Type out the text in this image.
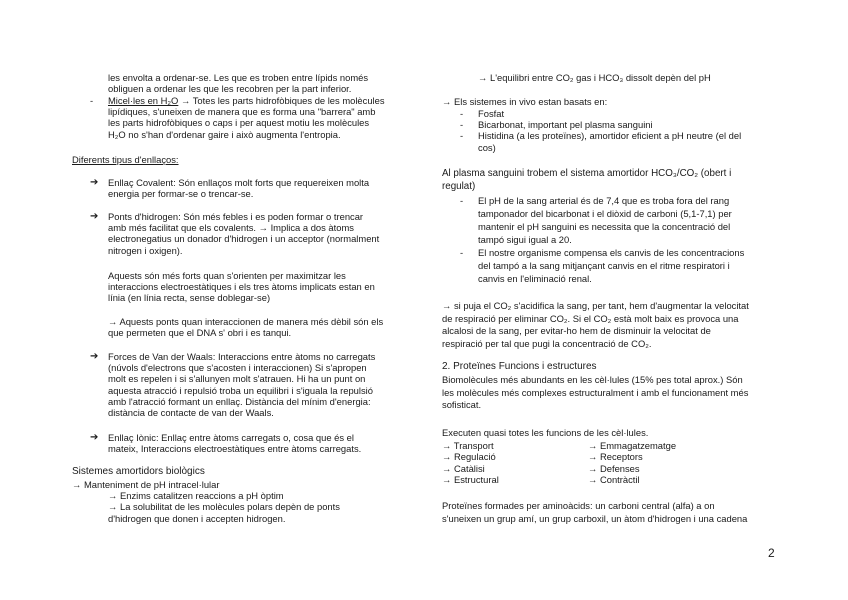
les envolta a ordenar-se. Les que es troben entre lípids només
obliguen a ordenar les que les recobren per la part inferior.
- Micel·les en H₂O → Totes les parts hidrofòbiques de les molècules
lipídiques, s'uneixen de manera que es forma una "barrera" amb
les parts hidrofòbiques o caps i per aquest motiu les molècules
H₂O no s'han d'ordenar gaire i això augmenta l'entropia.
Diferents tipus d'enllaços:
➔ Enllaç Covalent: Són enllaços molt forts que requereixen molta
energia per formar-se o trencar-se.
➔ Ponts d'hidrogen: Són més febles i es poden formar o trencar
amb més facilitat que els covalents. → Implica a dos àtoms
electronegatius un donador d'hidrogen i un acceptor (normalment
nitrogen i oxigen).
Aquests són més forts quan s'orienten per maximitzar les
interaccions electroestàtiques i els tres àtoms implicats estan en
línia (en línia recta, sense doblegar-se)
→ Aquests ponts quan interaccionen de manera més dèbil són els
que permeten que el DNA s' obri i es tanqui.
➔ Forces de Van der Waals: Interaccions entre àtoms no carregats
(núvols d'electrons que s'acosten i interaccionen) Si s'apropen
molt es repelen i si s'allunyen molt s'atrauen. Hi ha un punt on
aquesta atracció i repulsió troba un equilibri i s'iguala la repulsió
amb l'atracció formant un enllaç. Distància del mínim d'energia:
distància de contacte de van der Waals.
➔ Enllaç Iònic: Enllaç entre àtoms carregats o, cosa que és el
mateix, Interaccions electroestàtiques entre àtoms carregats.
Sistemes amortidors biològics
→ Manteniment de pH intracel·lular
→ Enzims catalitzen reaccions a pH òptim
→ La solubilitat de les molècules polars depèn de ponts
d'hidrogen que donen i accepten hidrogen.
→ L'equilibri entre CO₂ gas i HCO₃ dissolt depèn del pH
→ Els sistemes in vivo estan basats en:
- Fosfat
- Bicarbonat, important pel plasma sanguini
- Histidina (a les proteïnes), amortidor eficient a pH neutre (el del
cos)
Al plasma sanguini trobem el sistema amortidor HCO₃/CO₂ (obert i
regulat)
- El pH de la sang arterial és de 7,4 que es troba fora del rang
tamponador del bicarbonat i el diòxid de carboni (5,1-7,1) per
mantenir el pH sanguini es necessita que la concentració del
tampó sigui igual a 20.
- El nostre organisme compensa els canvis de les concentracions
del tampó a la sang mitjançant canvis en el ritme respiratori i
canvis en l'eliminació renal.
→ si puja el CO₂ s'acidifica la sang, per tant, hem d'augmentar la velocitat
de respiració per eliminar CO₂. Si el CO₂ està molt baix es provoca una
alcalosi de la sang, per evitar-ho hem de disminuir la velocitat de
respiració per tal que pugi la concentració de CO₂.
2. Proteïnes Funcions i estructures
Biomolècules més abundants en les cèl·lules (15% pes total aprox.) Són
les molècules més complexes estructuralment i amb el funcionament més
sofisticat.
Executen quasi totes les funcions de les cèl·lules.
→ Transport	→ Emmagatzematge
→ Regulació	→ Receptors
→ Catàlisi	→ Defenses
→ Estructural	→ Contràctil
Proteïnes formades per aminoàcids: un carboni central (alfa) a on
s'uneixen un grup amí, un grup carboxil, un àtom d'hidrogen i una cadena
2
